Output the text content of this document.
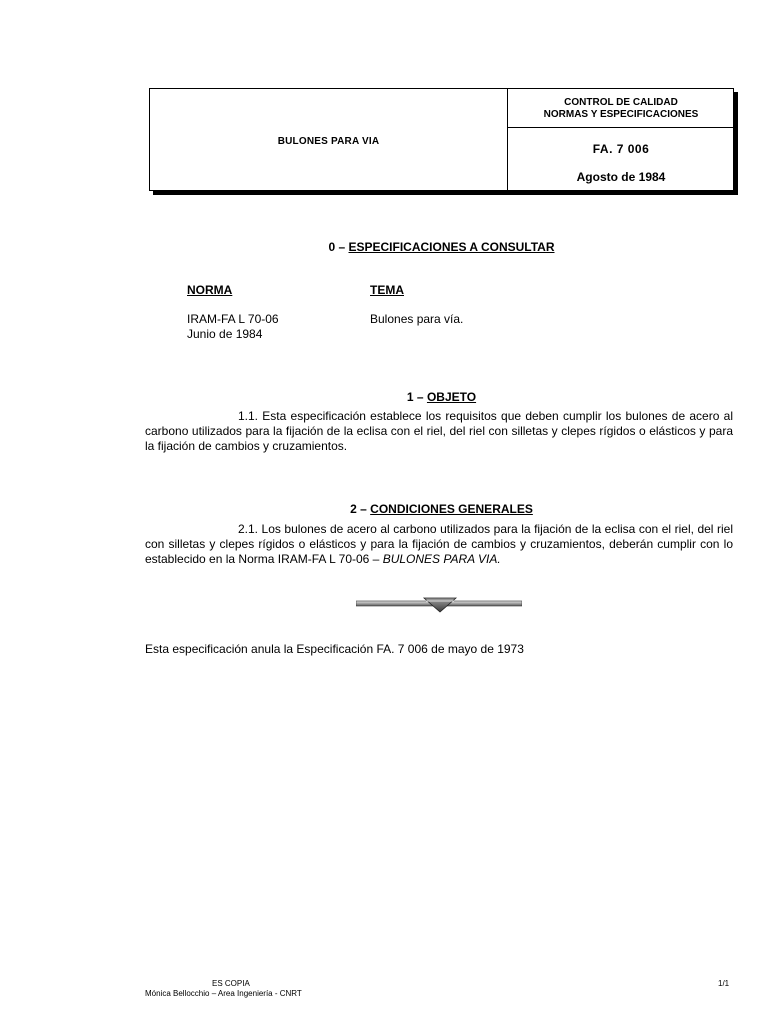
BULONES PARA VIA
CONTROL DE CALIDAD
NORMAS Y ESPECIFICACIONES
FA. 7 006
Agosto de 1984
0 – ESPECIFICACIONES A CONSULTAR
NORMA	TEMA
IRAM-FA L 70-06
Junio de 1984
Bulones para vía.
1 – OBJETO
1.1. Esta especificación establece los requisitos que deben cumplir los bulones de acero al carbono utilizados para la fijación de la eclisa con el riel, del riel con silletas y clepes rígidos o elásticos y para la fijación de cambios y cruzamientos.
2 – CONDICIONES GENERALES
2.1. Los bulones de acero al carbono utilizados para la fijación de la eclisa con el riel, del riel con silletas y clepes rígidos o elásticos y para la fijación de cambios y cruzamientos, deberán cumplir con lo establecido en la Norma IRAM-FA L 70-06 – BULONES PARA VIA.
Esta especificación anula la Especificación FA. 7 006 de mayo de 1973
ES COPIA
Mónica Bellocchio – Area Ingeniería - CNRT
1/1
